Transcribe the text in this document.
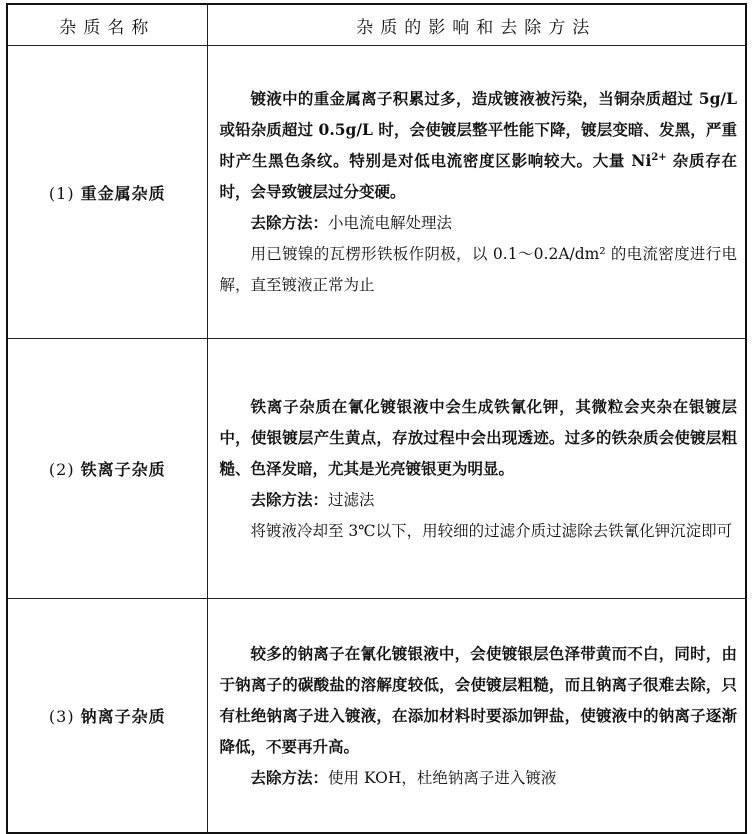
杂质名称	杂质的影响和去除方法
(1) 重金属杂质	镀液中的重金属离子积累过多，造成镀液被污染，当铜杂质超过 5g/L 或铅杂质超过 0.5g/L 时，会使镀层整平性能下降，镀层变暗、发黑，严重时产生黑色条纹。特别是对低电流密度区影响较大。大量 $Ni^{2+}$ 杂质存在时，会导致镀层过分变硬。

去除方法：小电流电解处理法

用已镀镍的瓦楞形铁板作阴极，以 0.1～0.2A/dm² 的电流密度进行电解，直至镀液正常为止

(2) 铁离子杂质	铁离子杂质在氰化镀银液中会生成铁氰化钾，其微粒会夹杂在银镀层中，使银镀层产生黄点，存放过程中会出现透迹。过多的铁杂质会使镀层粗糙、色泽发暗，尤其是光亮镀银更为明显。

去除方法：过滤法

将镀液冷却至 3℃以下，用较细的过滤介质过滤除去铁氰化钾沉淀即可

(3) 钠离子杂质	较多的钠离子在氰化镀银液中，会使镀银层色泽带黄而不白，同时，由于钠离子的碳酸盐的溶解度较低，会使镀层粗糙，而且钠离子很难去除，只有杜绝钠离子进入镀液，在添加材料时要添加钾盐，使镀液中的钠离子逐渐降低，不要再升高。

去除方法：使用 KOH，杜绝钠离子进入镀液
